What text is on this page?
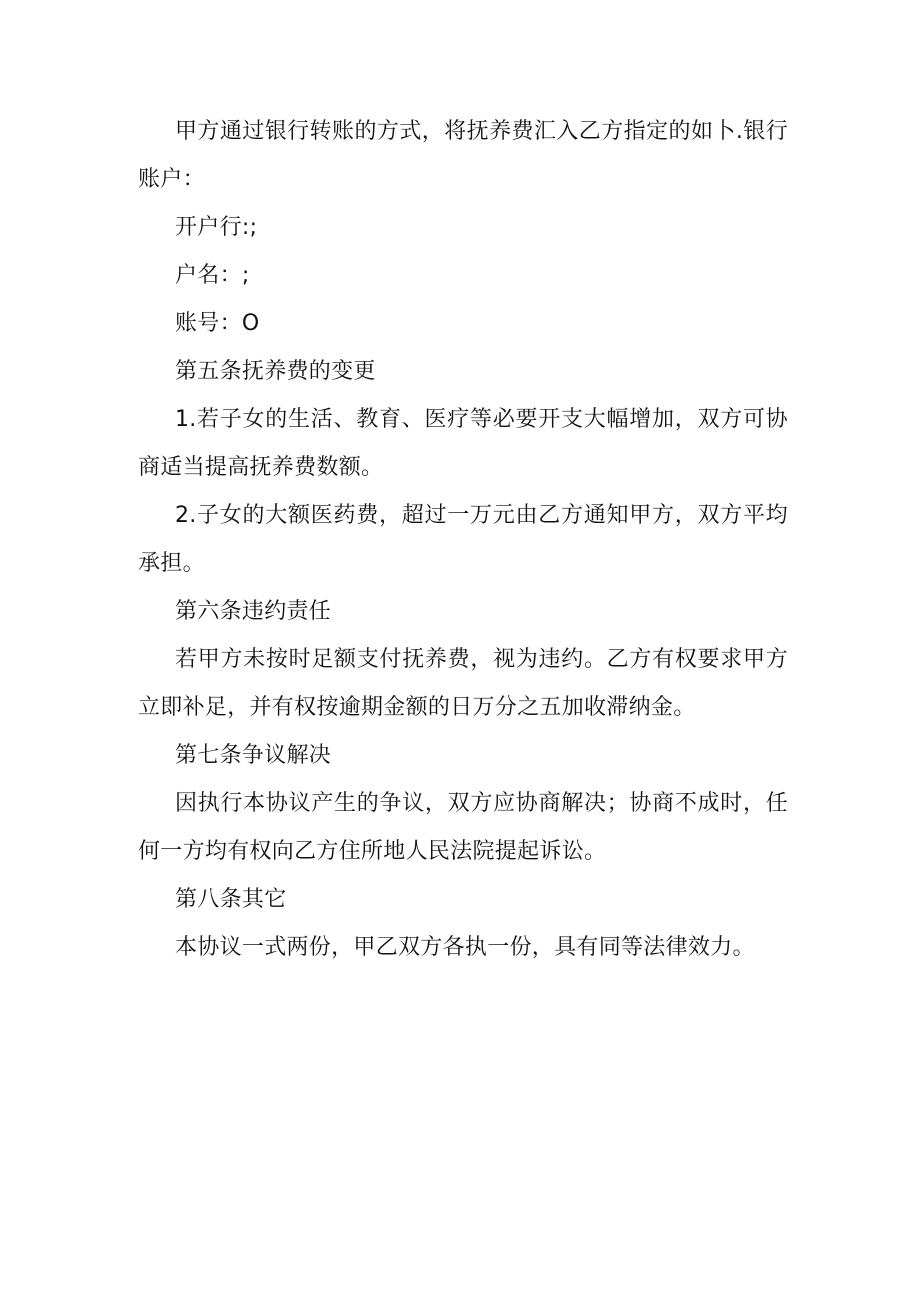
甲方通过银行转账的方式，将抚养费汇入乙方指定的如卜.银行账户：

开户行:;

户名：;

账号：O

第五条抚养费的变更

1.若子女的生活、教育、医疗等必要开支大幅增加，双方可协商适当提高抚养费数额。

2.子女的大额医药费，超过一万元由乙方通知甲方，双方平均承担。

第六条违约责任

若甲方未按时足额支付抚养费，视为违约。乙方有权要求甲方立即补足，并有权按逾期金额的日万分之五加收滞纳金。

第七条争议解决

因执行本协议产生的争议，双方应协商解决；协商不成时，任何一方均有权向乙方住所地人民法院提起诉讼。

第八条其它

本协议一式两份，甲乙双方各执一份，具有同等法律效力。
